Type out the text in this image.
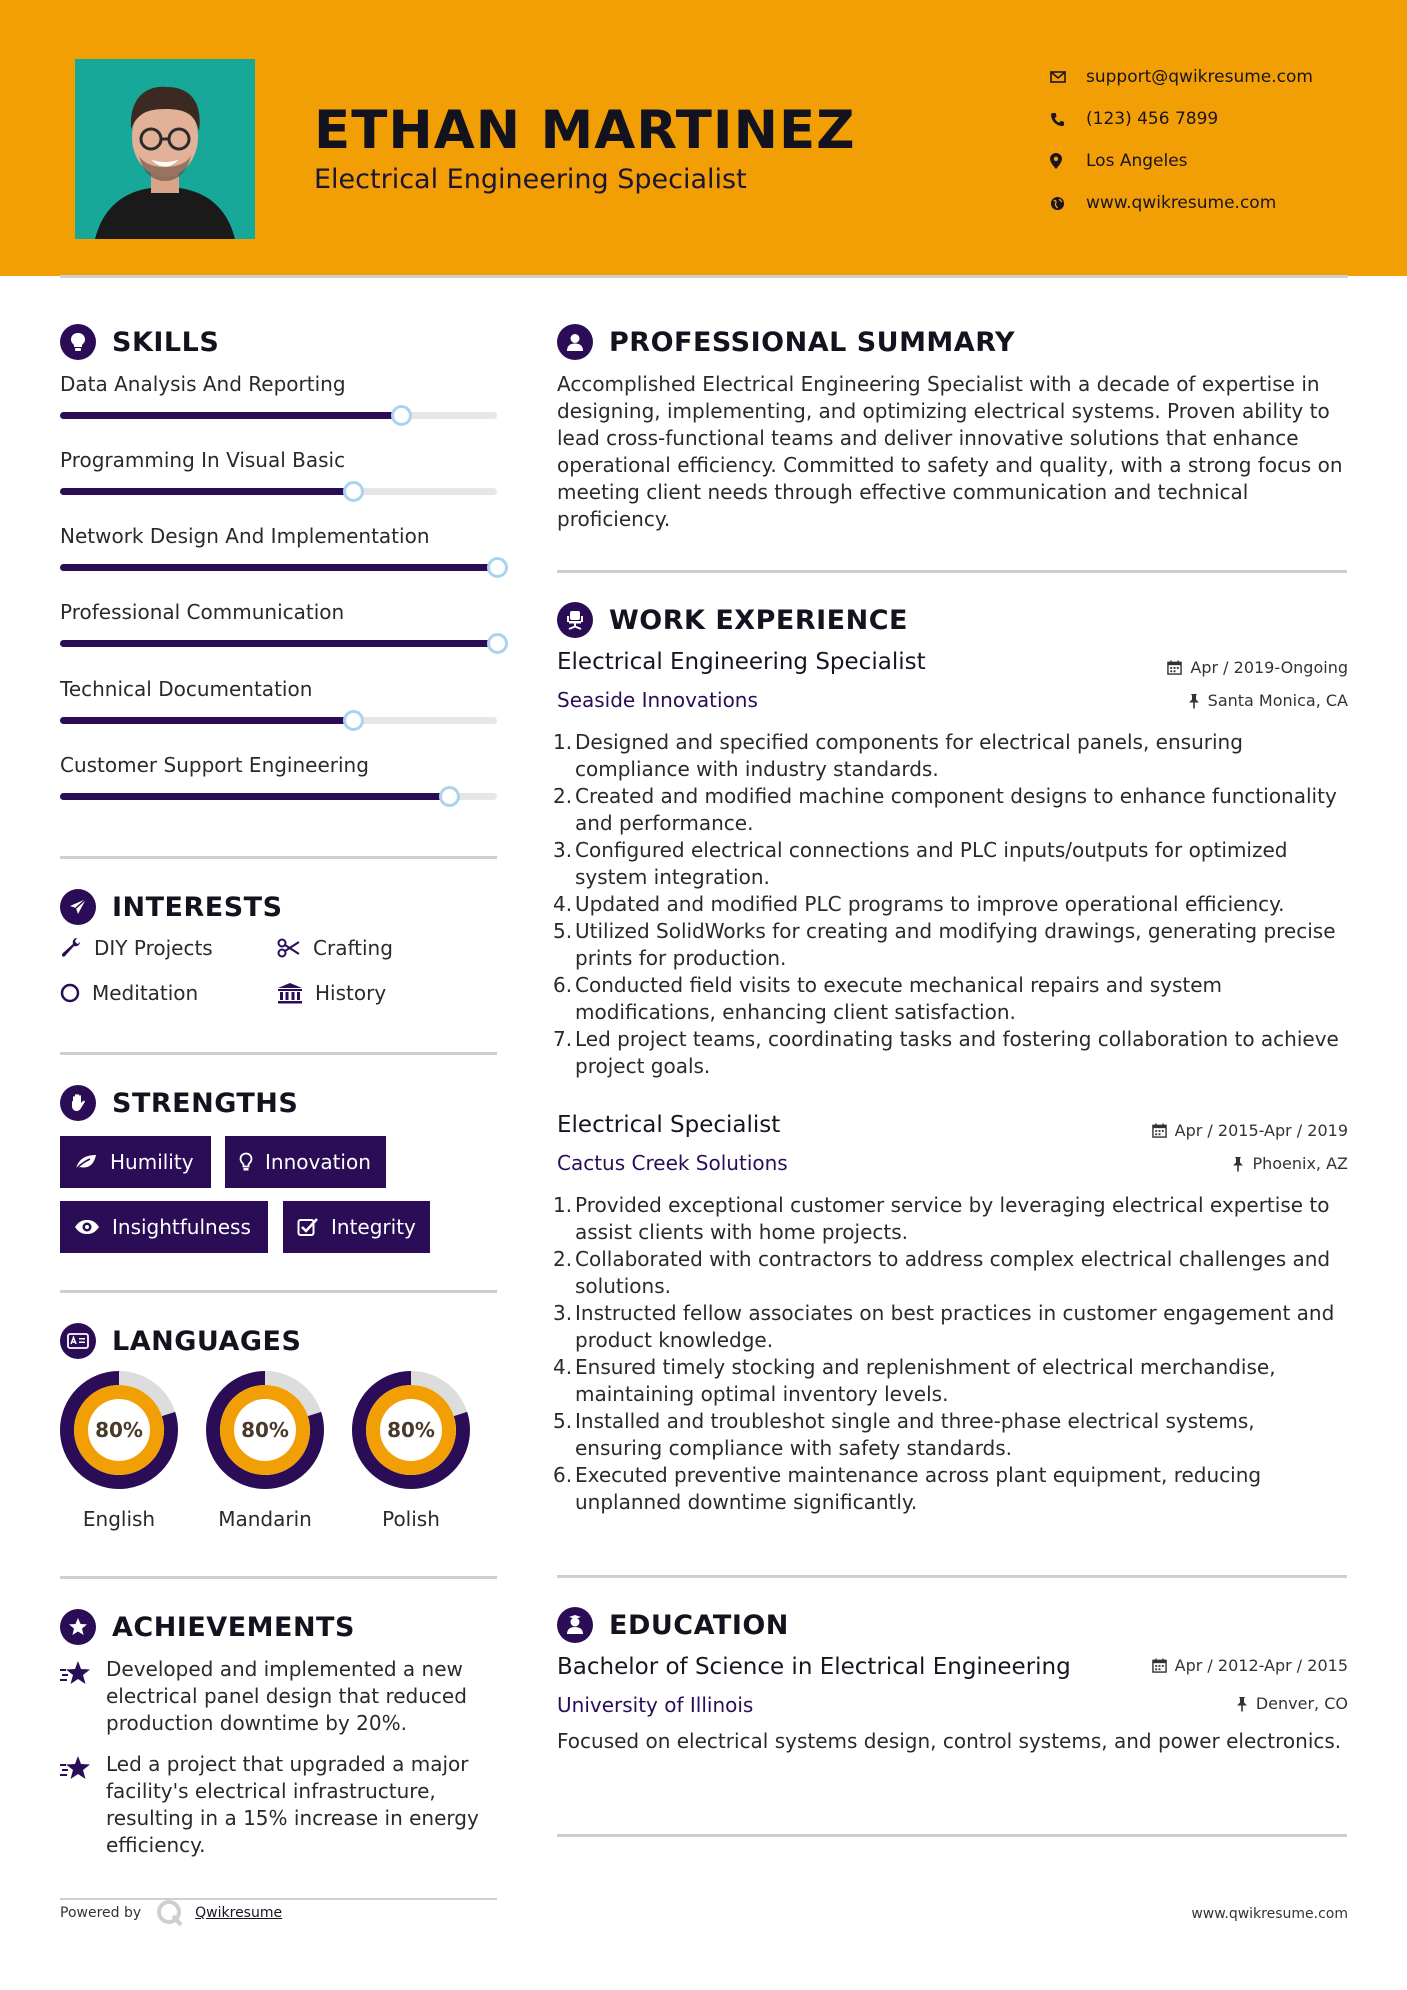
ETHAN MARTINEZ
Electrical Engineering Specialist
support@qwikresume.com
(123) 456 7899
Los Angeles
www.qwikresume.com
SKILLS
Data Analysis And Reporting
Programming In Visual Basic
Network Design And Implementation
Professional Communication
Technical Documentation
Customer Support Engineering
INTERESTS
DIY Projects	Crafting
Meditation	History
STRENGTHS
Humility	Innovation
Insightfulness	Integrity
LANGUAGES
80%
English
80%
Mandarin
80%
Polish
ACHIEVEMENTS
Developed and implemented a new electrical panel design that reduced production downtime by 20%.
Led a project that upgraded a major facility's electrical infrastructure, resulting in a 15% increase in energy efficiency.
PROFESSIONAL SUMMARY
Accomplished Electrical Engineering Specialist with a decade of expertise in designing, implementing, and optimizing electrical systems. Proven ability to lead cross-functional teams and deliver innovative solutions that enhance operational efficiency. Committed to safety and quality, with a strong focus on meeting client needs through effective communication and technical proficiency.
WORK EXPERIENCE
Electrical Engineering Specialist	Apr / 2019-Ongoing
Seaside Innovations	Santa Monica, CA
1. Designed and specified components for electrical panels, ensuring compliance with industry standards.
2. Created and modified machine component designs to enhance functionality and performance.
3. Configured electrical connections and PLC inputs/outputs for optimized system integration.
4. Updated and modified PLC programs to improve operational efficiency.
5. Utilized SolidWorks for creating and modifying drawings, generating precise prints for production.
6. Conducted field visits to execute mechanical repairs and system modifications, enhancing client satisfaction.
7. Led project teams, coordinating tasks and fostering collaboration to achieve project goals.
Electrical Specialist	Apr / 2015-Apr / 2019
Cactus Creek Solutions	Phoenix, AZ
1. Provided exceptional customer service by leveraging electrical expertise to assist clients with home projects.
2. Collaborated with contractors to address complex electrical challenges and solutions.
3. Instructed fellow associates on best practices in customer engagement and product knowledge.
4. Ensured timely stocking and replenishment of electrical merchandise, maintaining optimal inventory levels.
5. Installed and troubleshot single and three-phase electrical systems, ensuring compliance with safety standards.
6. Executed preventive maintenance across plant equipment, reducing unplanned downtime significantly.
EDUCATION
Bachelor of Science in Electrical Engineering	Apr / 2012-Apr / 2015
University of Illinois	Denver, CO
Focused on electrical systems design, control systems, and power electronics.
Powered by	Qwikresume	www.qwikresume.com
